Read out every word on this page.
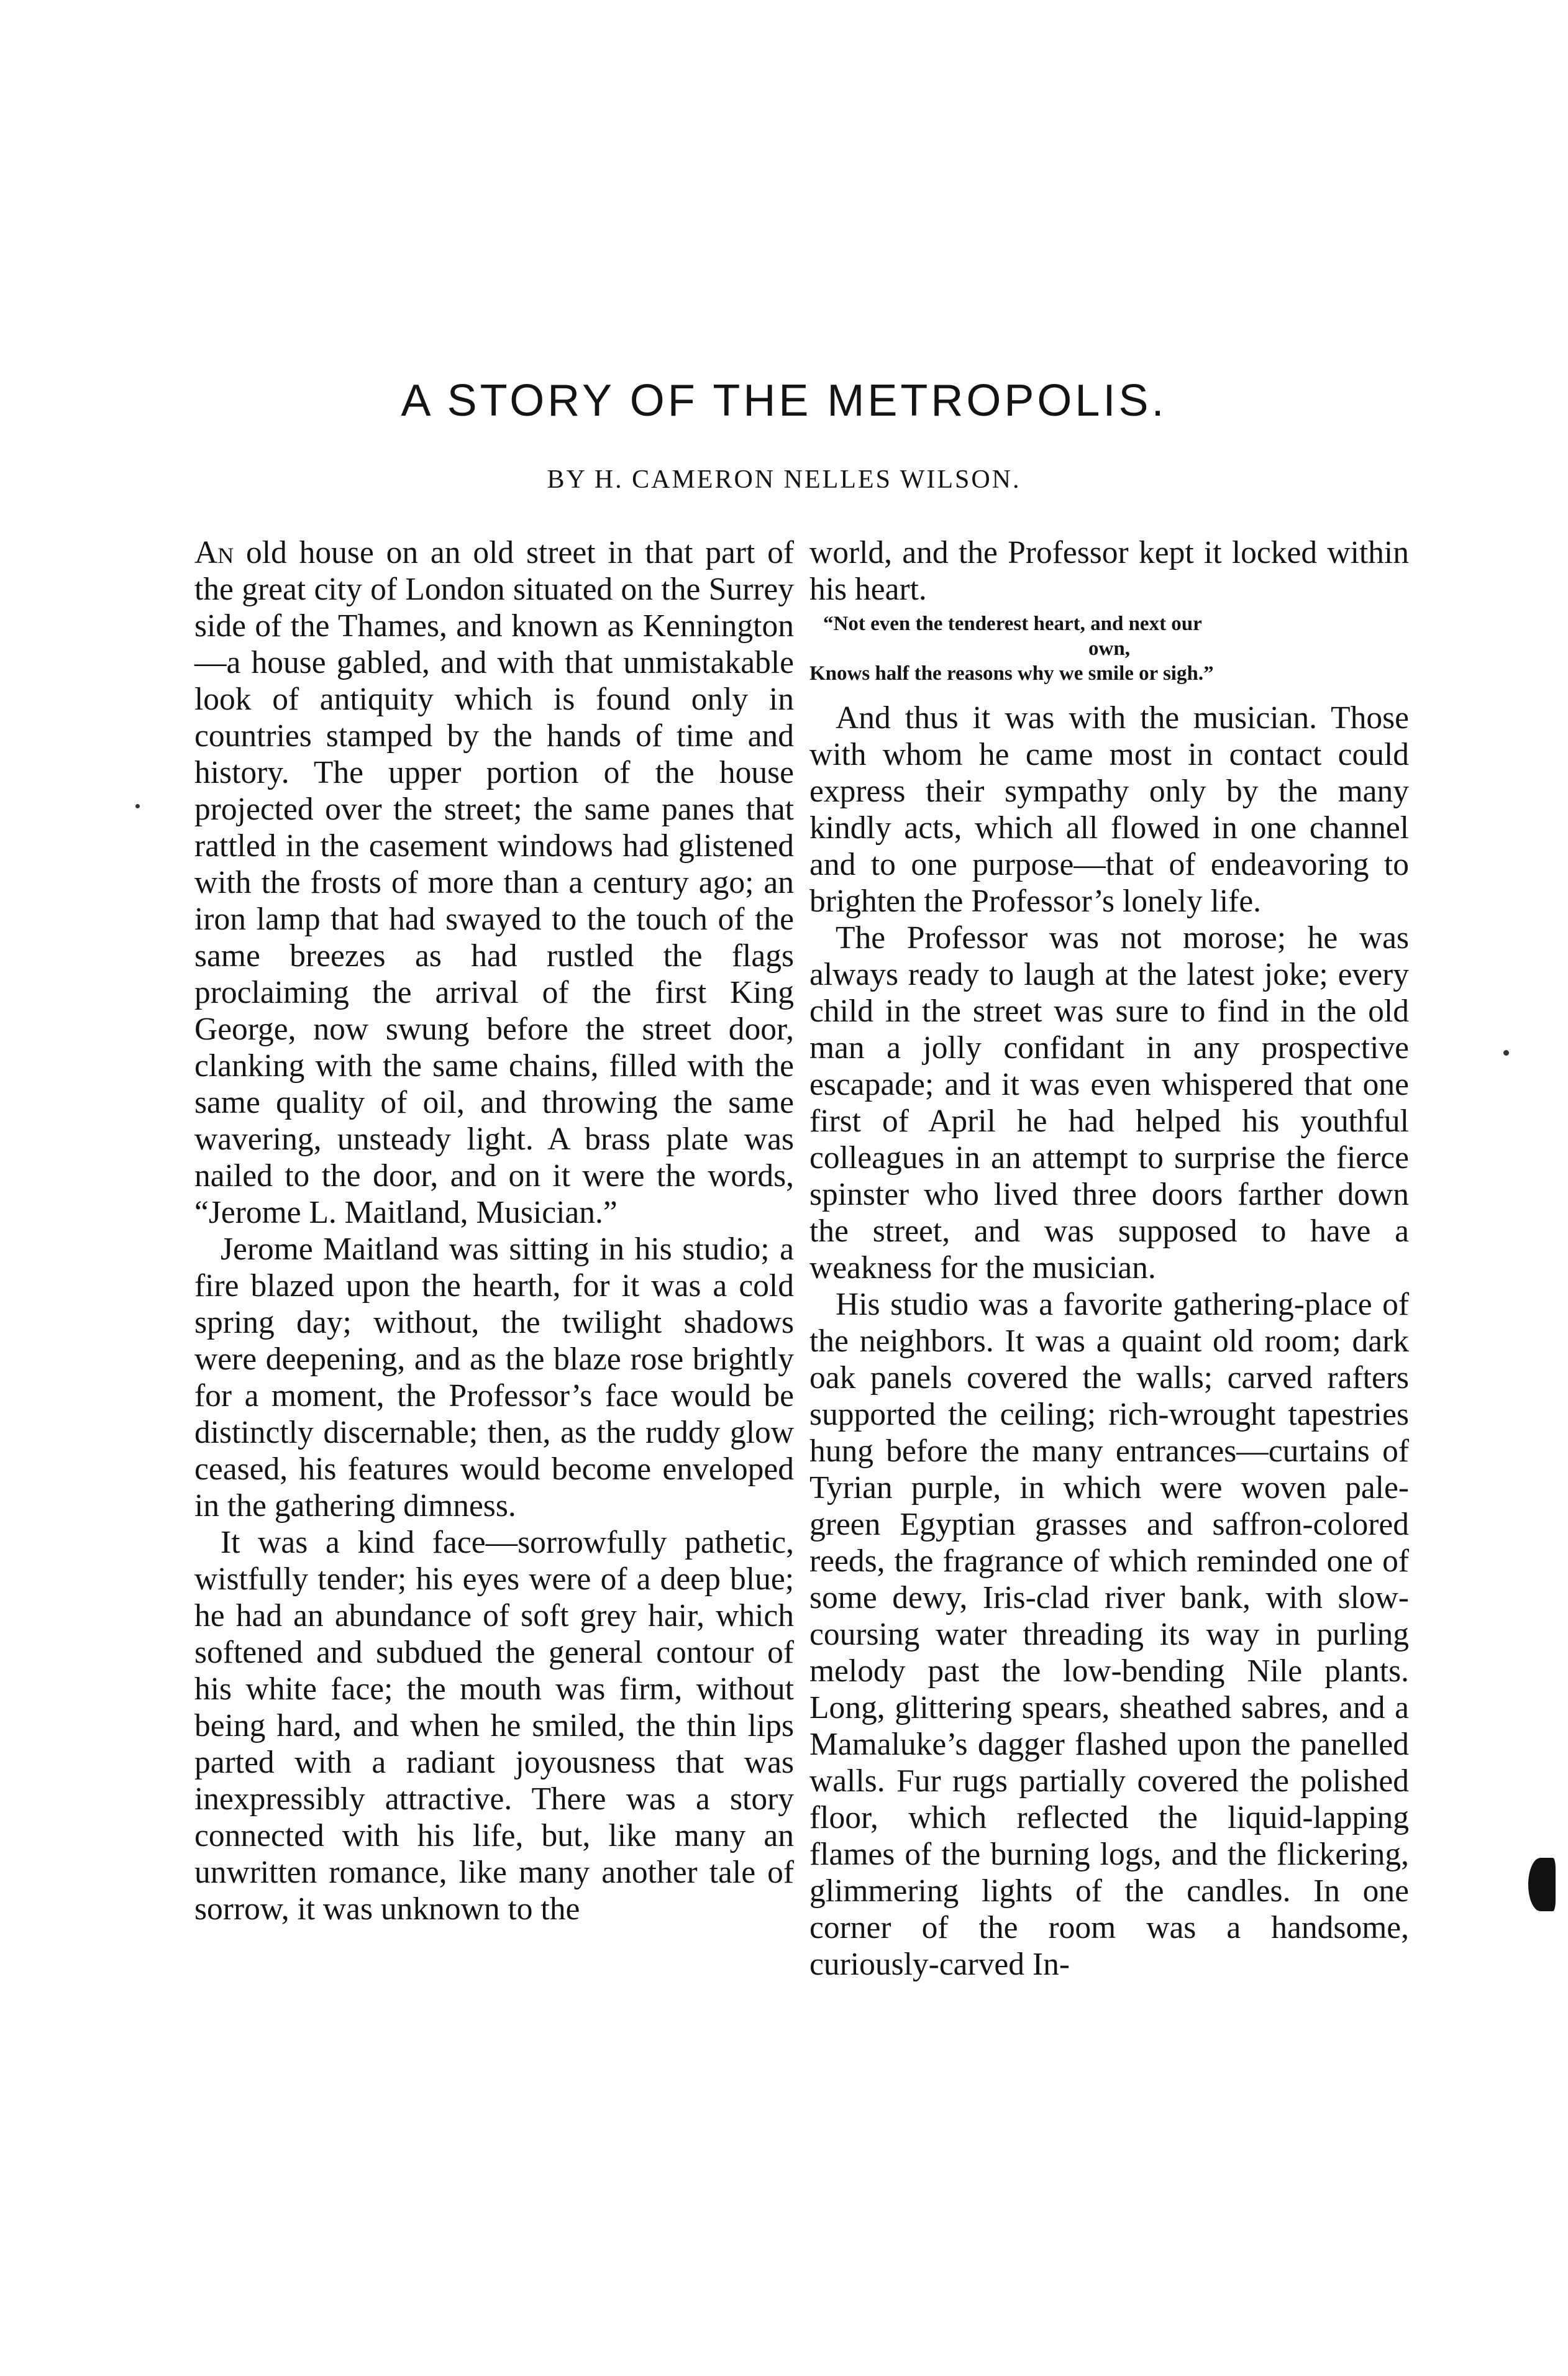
A STORY OF THE METROPOLIS.
BY H. CAMERON NELLES WILSON.

An old house on an old street in that part of the great city of London situated on the Surrey side of the Thames, and known as Kennington—a house gabled, and with that unmistakable look of antiquity which is found only in countries stamped by the hands of time and history. The upper portion of the house projected over the street; the same panes that rattled in the casement windows had glistened with the frosts of more than a century ago; an iron lamp that had swayed to the touch of the same breezes as had rustled the flags proclaiming the arrival of the first King George, now swung before the street door, clanking with the same chains, filled with the same quality of oil, and throwing the same wavering, unsteady light. A brass plate was nailed to the door, and on it were the words, “Jerome L. Maitland, Musician.”

Jerome Maitland was sitting in his studio; a fire blazed upon the hearth, for it was a cold spring day; without, the twilight shadows were deepening, and as the blaze rose brightly for a moment, the Professor’s face would be distinctly discernable; then, as the ruddy glow ceased, his features would become enveloped in the gathering dimness.

It was a kind face—sorrowfully pathetic, wistfully tender; his eyes were of a deep blue; he had an abundance of soft grey hair, which softened and subdued the general contour of his white face; the mouth was firm, without being hard, and when he smiled, the thin lips parted with a radiant joyousness that was inexpressibly attractive. There was a story connected with his life, but, like many an unwritten romance, like many another tale of sorrow, it was unknown to the

world, and the Professor kept it locked within his heart.

“Not even the tenderest heart, and next our
own,
Knows half the reasons why we smile or sigh.”

And thus it was with the musician. Those with whom he came most in contact could express their sympathy only by the many kindly acts, which all flowed in one channel and to one purpose—that of endeavoring to brighten the Professor’s lonely life.

The Professor was not morose; he was always ready to laugh at the latest joke; every child in the street was sure to find in the old man a jolly confidant in any prospective escapade; and it was even whispered that one first of April he had helped his youthful colleagues in an attempt to surprise the fierce spinster who lived three doors farther down the street, and was supposed to have a weakness for the musician.

His studio was a favorite gathering-place of the neighbors. It was a quaint old room; dark oak panels covered the walls; carved rafters supported the ceiling; rich-wrought tapestries hung before the many entrances—curtains of Tyrian purple, in which were woven pale-green Egyptian grasses and saffron-colored reeds, the fragrance of which reminded one of some dewy, Iris-clad river bank, with slow-coursing water threading its way in purling melody past the low-bending Nile plants. Long, glittering spears, sheathed sabres, and a Mamaluke’s dagger flashed upon the panelled walls. Fur rugs partially covered the polished floor, which reflected the liquid-lapping flames of the burning logs, and the flickering, glimmering lights of the candles. In one corner of the room was a handsome, curiously-carved In-
